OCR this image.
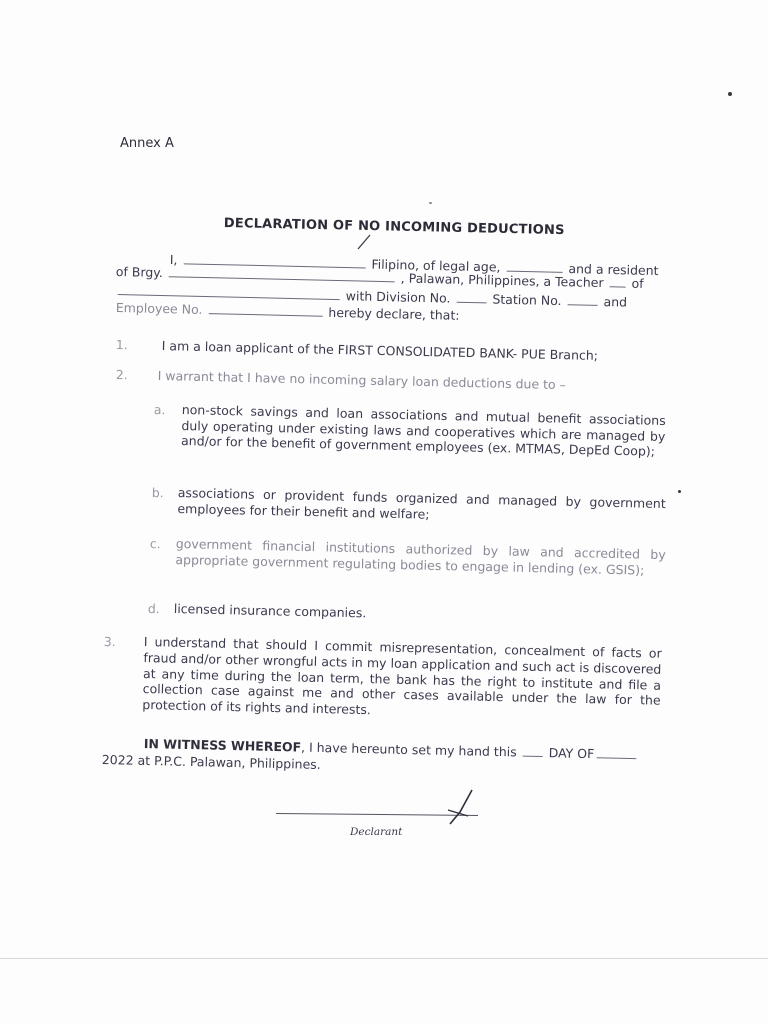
Annex A
DECLARATION OF NO INCOMING DEDUCTIONS
I,	Filipino, of legal age,	and a resident
of Brgy.	, Palawan, Philippines, a Teacher of
with Division No.	Station No.	and
Employee No.	hereby declare, that:
1.	I am a loan applicant of the FIRST CONSOLIDATED BANK- PUE Branch;
2. I warrant that I have no incoming salary loan deductions due to –
a. non-stock savings and loan associations and mutual benefit associations duly operating under existing laws and cooperatives which are managed by and/or for the benefit of government employees (ex. MTMAS, DepEd Coop);
b. associations or provident funds organized and managed by government employees for their benefit and welfare;
c. government financial institutions authorized by law and accredited by appropriate government regulating bodies to engage in lending (ex. GSIS);
d. licensed insurance companies.
3. I understand that should I commit misrepresentation, concealment of facts or fraud and/or other wrongful acts in my loan application and such act is discovered at any time during the loan term, the bank has the right to institute and file a collection case against me and other cases available under the law for the protection of its rights and interests.
IN WITNESS WHEREOF, I have hereunto set my hand this	DAY OF
2022 at P.P.C. Palawan, Philippines.
Declarant
